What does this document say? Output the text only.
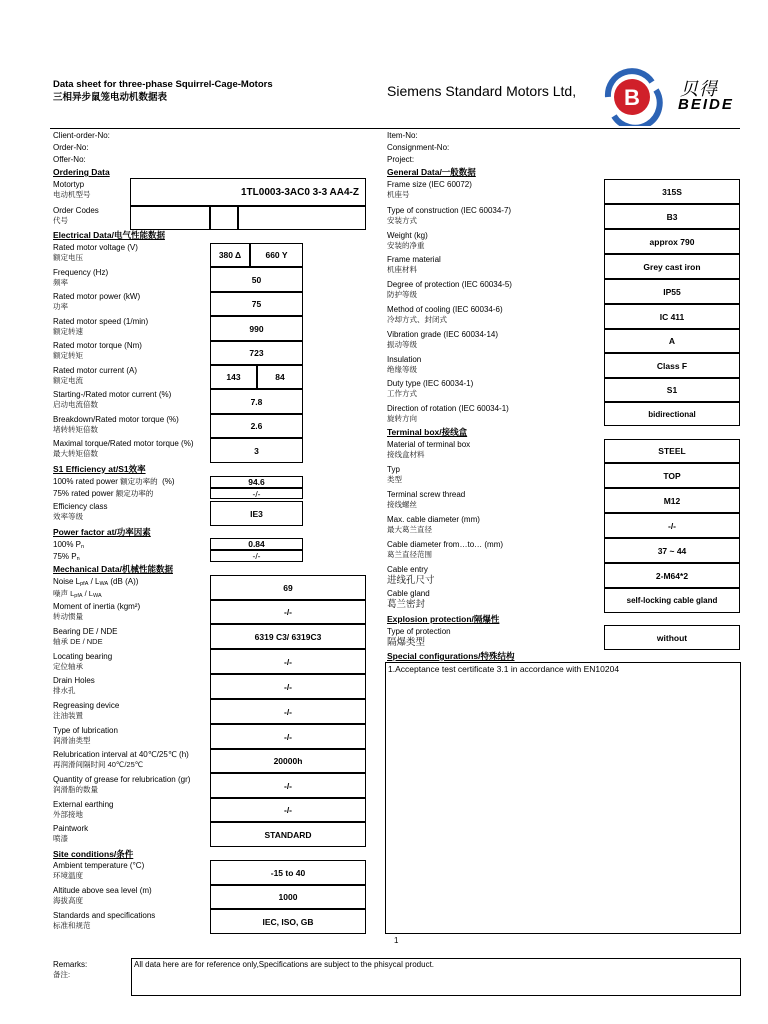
Data sheet for three-phase Squirrel-Cage-Motors
三相异步鼠笼电动机数据表	Siemens Standard Motors Ltd, B 贝得
BEIDE
Client-order-No:
Order-No:
Offer-No:
Item-No:
Consignment-No:
Project:
Ordering Data
Motortyp
电动机型号	1TL0003-3AC0 3-3 AA4-Z
Order Codes
代号
Electrical Data/电气性能数据
Rated motor voltage (V)
额定电压	380 Δ	660 Y
Frequency (Hz)
频率	50
Rated motor power (kW)
功率	75
Rated motor speed (1/min)
额定转速	990
Rated motor torque (Nm)
额定转矩	723
Rated motor current (A)
额定电流	143	84
Starting-/Rated motor current (%)
启动电流倍数	7.8
Breakdown/Rated motor torque (%)
堵转转矩倍数	2.6
Maximal torque/Rated motor torque (%)
最大转矩倍数	3
S1 Efficiency at/S1效率
100% rated power 额定功率的 (%)	94.6
75% rated power 额定功率的	-/-
Efficiency class
效率等级	IE3
Power factor at/功率因素
100% $P_n$	0.84
75% $P_n$	-/-
Mechanical Data/机械性能数据
Noise $L_{pfA} / L_{WA}$ (dB (A))
噪声 $L_{pfA} / L_{WA}$
69
Moment of inertia (kgm²)
转动惯量	-/-
Bearing DE / NDE
轴承 DE / NDE	6319 C3/ 6319C3
Locating bearing
定位轴承	-/-
Drain Holes
排水孔	-/-
Regreasing device
注油装置	-/-
Type of lubrication
润滑油类型	-/-
Relubrication interval at 40℃/25℃ (h)
再润滑间隔时间 40℃/25℃	20000h
Quantity of grease for relubrication (gr)
润滑脂的数量	-/-
External earthing
外部接地	-/-
Paintwork
喷漆	STANDARD
Site conditions/条件
Ambient temperature (°C)
环境温度	-15 to 40
Altitude above sea level (m)
海拔高度	1000
Standards and specifications
标准和规范	IEC, ISO, GB
General Data/一般数据
Frame size (IEC 60072)
机座号	315S
Type of construction (IEC 60034-7)
安装方式	B3
Weight (kg)
安装的净重	approx 790
Frame material
机座材料	Grey cast iron
Degree of protection (IEC 60034-5)
防护等级	IP55
Method of cooling (IEC 60034-6)
冷却方式、封闭式	IC 411
Vibration grade (IEC 60034-14)
振动等级	A
Insulation
绝缘等级	Class F
Duty type (IEC 60034-1)
工作方式	S1
Direction of rotation (IEC 60034-1)
旋转方向	bidirectional
Terminal box/接线盒
Material of terminal box
接线盒材料	STEEL
Typ
类型	TOP
Terminal screw thread
接线螺丝	M12
Max. cable diameter (mm)
最大葛兰直径	-/-
Cable diameter from…to… (mm)
葛兰直径范围	37 ~ 44
Cable entry
进线孔尺寸	2-M64*2
Cable gland
葛兰密封	self-locking cable gland
Explosion protection/隔爆性
Type of protection
隔爆类型	without
Special configurations/特殊结构
1.Acceptance test certificate 3.1 in accordance with EN10204
1
Remarks:
备注:
All data here are for reference only,Specifications are subject to the phisycal product.
